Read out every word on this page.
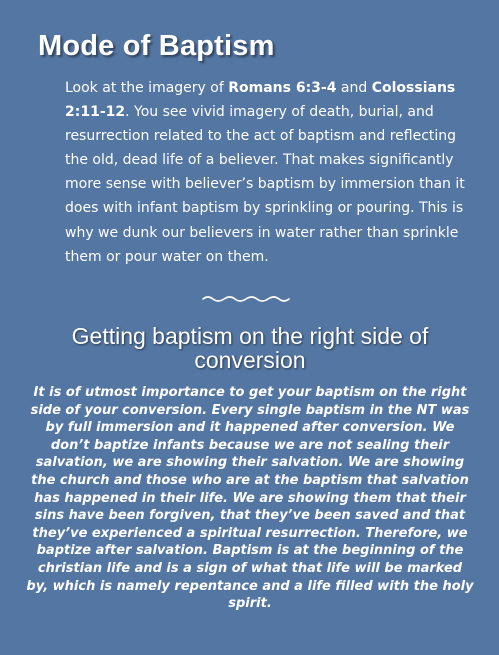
Mode of Baptism

Look at the imagery of Romans 6:3-4 and Colossians 2:11-12. You see vivid imagery of death, burial, and resurrection related to the act of baptism and reflecting the old, dead life of a believer. That makes significantly more sense with believer’s baptism by immersion than it does with infant baptism by sprinkling or pouring. This is why we dunk our believers in water rather than sprinkle them or pour water on them.

Getting baptism on the right side of conversion

It is of utmost importance to get your baptism on the right side of your conversion. Every single baptism in the NT was by full immersion and it happened after conversion. We don’t baptize infants because we are not sealing their salvation, we are showing their salvation. We are showing the church and those who are at the baptism that salvation has happened in their life. We are showing them that their sins have been forgiven, that they’ve been saved and that they’ve experienced a spiritual resurrection. Therefore, we baptize after salvation. Baptism is at the beginning of the christian life and is a sign of what that life will be marked by, which is namely repentance and a life filled with the holy spirit.
